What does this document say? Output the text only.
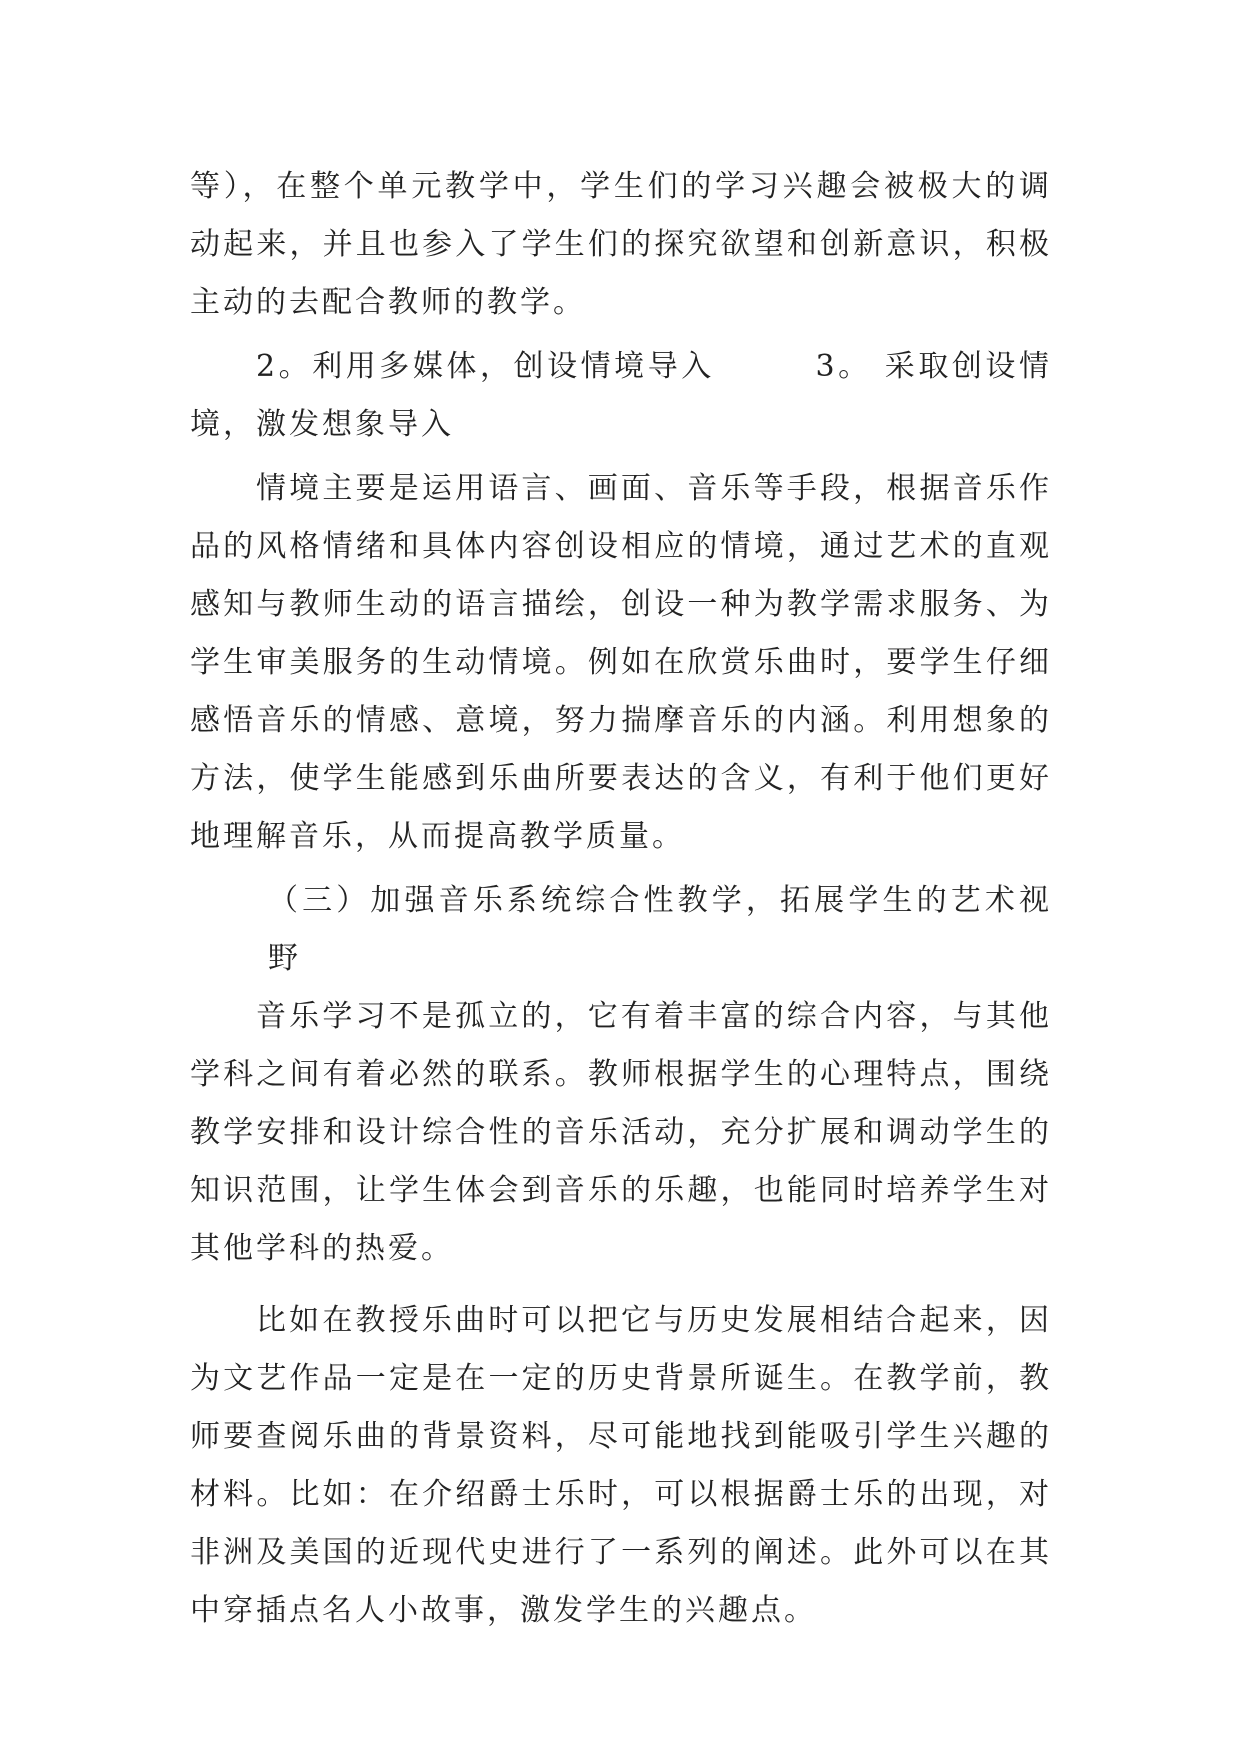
等），在整个单元教学中，学生们的学习兴趣会被极大的调动起来，并且也参入了学生们的探究欲望和创新意识，积极主动的去配合教师的教学。

2。利用多媒体，创设情境导入　　　3。 采取创设情境，激发想象导入

情境主要是运用语言、画面、音乐等手段，根据音乐作品的风格情绪和具体内容创设相应的情境，通过艺术的直观感知与教师生动的语言描绘，创设一种为教学需求服务、为学生审美服务的生动情境。例如在欣赏乐曲时，要学生仔细感悟音乐的情感、意境，努力揣摩音乐的内涵。利用想象的方法，使学生能感到乐曲所要表达的含义，有利于他们更好地理解音乐，从而提高教学质量。

（三）加强音乐系统综合性教学，拓展学生的艺术视野

音乐学习不是孤立的，它有着丰富的综合内容，与其他学科之间有着必然的联系。教师根据学生的心理特点，围绕教学安排和设计综合性的音乐活动，充分扩展和调动学生的知识范围，让学生体会到音乐的乐趣，也能同时培养学生对其他学科的热爱。

比如在教授乐曲时可以把它与历史发展相结合起来，因为文艺作品一定是在一定的历史背景所诞生。在教学前，教师要查阅乐曲的背景资料，尽可能地找到能吸引学生兴趣的材料。比如：在介绍爵士乐时，可以根据爵士乐的出现，对非洲及美国的近现代史进行了一系列的阐述。此外可以在其中穿插点名人小故事，激发学生的兴趣点。
